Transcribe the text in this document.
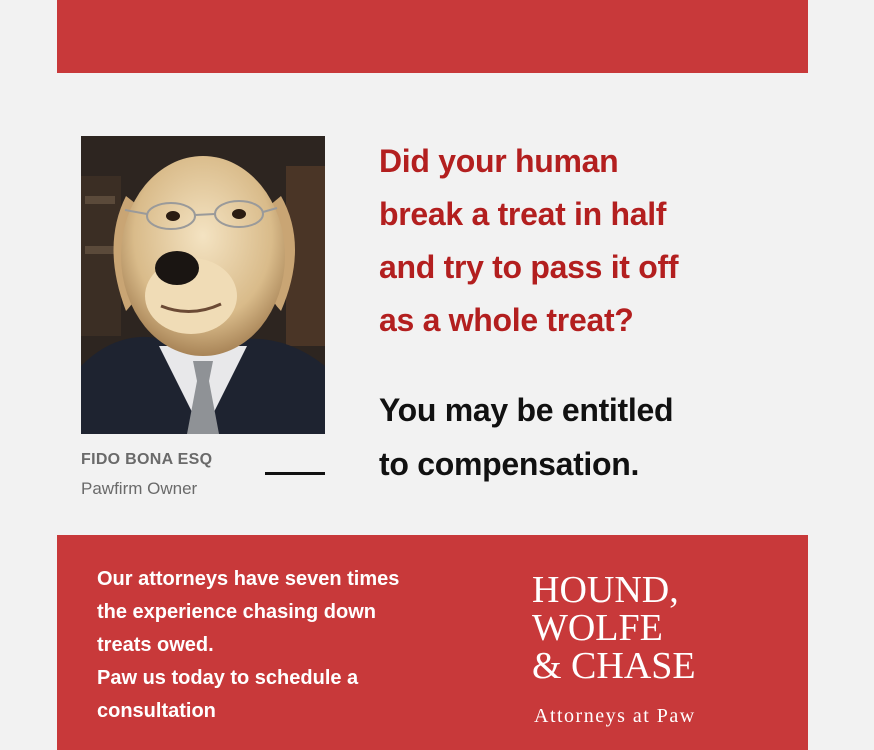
FIDO BONA ESQ
Pawfirm Owner
Did your human
break a treat in half
and try to pass it off
as a whole treat?
You may be entitled
to compensation.
Our attorneys have seven times
the experience chasing down
treats owed.
Paw us today to schedule a
consultation
HOUND,
WOLFE
& CHASE
Attorneys at Paw
